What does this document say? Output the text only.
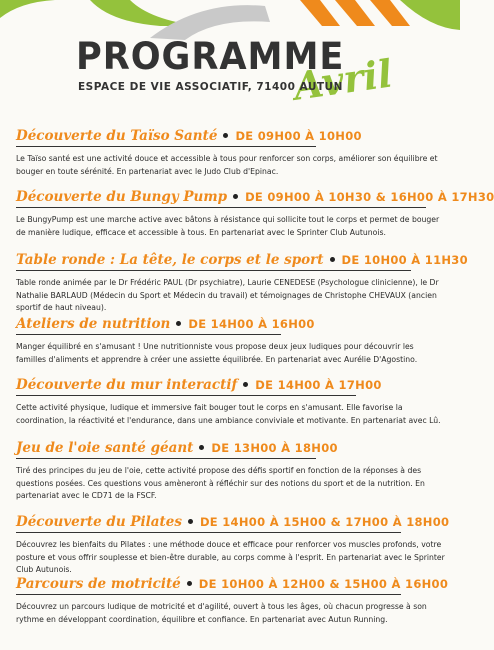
PROGRAMME
Avril
ESPACE DE VIE ASSOCIATIF, 71400 AUTUN
Découverte du Taïso Santé DE 09H00 À 10H00
Le Taïso santé est une activité douce et accessible à tous pour renforcer son corps, améliorer son équilibre et bouger en toute sérénité. En partenariat avec le Judo Club d'Epinac.
Découverte du Bungy Pump DE 09H00 À 10H30 & 16H00 À 17H30
Le BungyPump est une marche active avec bâtons à résistance qui sollicite tout le corps et permet de bouger de manière ludique, efficace et accessible à tous. En partenariat avec le Sprinter Club Autunois.
Table ronde : La tête, le corps et le sport DE 10H00 À 11H30
Table ronde animée par le Dr Frédéric PAUL (Dr psychiatre), Laurie CENEDESE (Psychologue clinicienne), le Dr Nathalie BARLAUD (Médecin du Sport et Médecin du travail) et témoignages de Christophe CHEVAUX (ancien sportif de haut niveau).
Ateliers de nutrition DE 14H00 À 16H00
Manger équilibré en s'amusant ! Une nutritionniste vous propose deux jeux ludiques pour découvrir les familles d'aliments et apprendre à créer une assiette équilibrée. En partenariat avec Aurélie D'Agostino.
Découverte du mur interactif DE 14H00 À 17H00
Cette activité physique, ludique et immersive fait bouger tout le corps en s'amusant. Elle favorise la coordination, la réactivité et l'endurance, dans une ambiance conviviale et motivante. En partenariat avec Lû.
Jeu de l'oie santé géant DE 13H00 À 18H00
Tiré des principes du jeu de l'oie, cette activité propose des défis sportif en fonction de la réponses à des questions posées. Ces questions vous amèneront à réfléchir sur des notions du sport et de la nutrition. En partenariat avec le CD71 de la FSCF.
Découverte du Pilates DE 14H00 À 15H00 & 17H00 À 18H00
Découvrez les bienfaits du Pilates : une méthode douce et efficace pour renforcer vos muscles profonds, votre posture et vous offrir souplesse et bien-être durable, au corps comme à l'esprit. En partenariat avec le Sprinter Club Autunois.
Parcours de motricité DE 10H00 À 12H00 & 15H00 À 16H00
Découvrez un parcours ludique de motricité et d'agilité, ouvert à tous les âges, où chacun progresse à son rythme en développant coordination, équilibre et confiance. En partenariat avec Autun Running.
